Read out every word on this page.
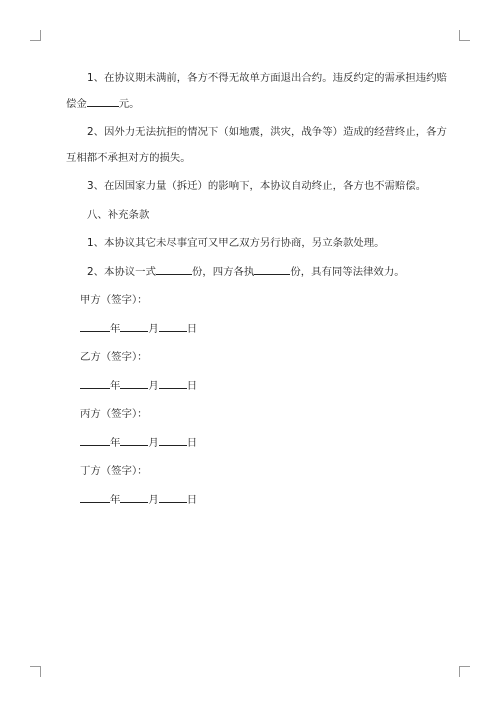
1、在协议期未满前，各方不得无故单方面退出合约。违反约定的需承担违约赔

偿金	元。

2、因外力无法抗拒的情况下（如地震，洪灾，战争等）造成的经营终止，各方

互相都不承担对方的损失。

3、在因国家力量（拆迁）的影响下，本协议自动终止，各方也不需赔偿。

八、补充条款

1、本协议其它未尽事宜可又甲乙双方另行协商，另立条款处理。

2、本协议一式	份，四方各执	份，具有同等法律效力。

甲方（签字）：

年	月	日

乙方（签字）：

年	月	日

丙方（签字）：

年	月	日

丁方（签字）：

年	月	日
